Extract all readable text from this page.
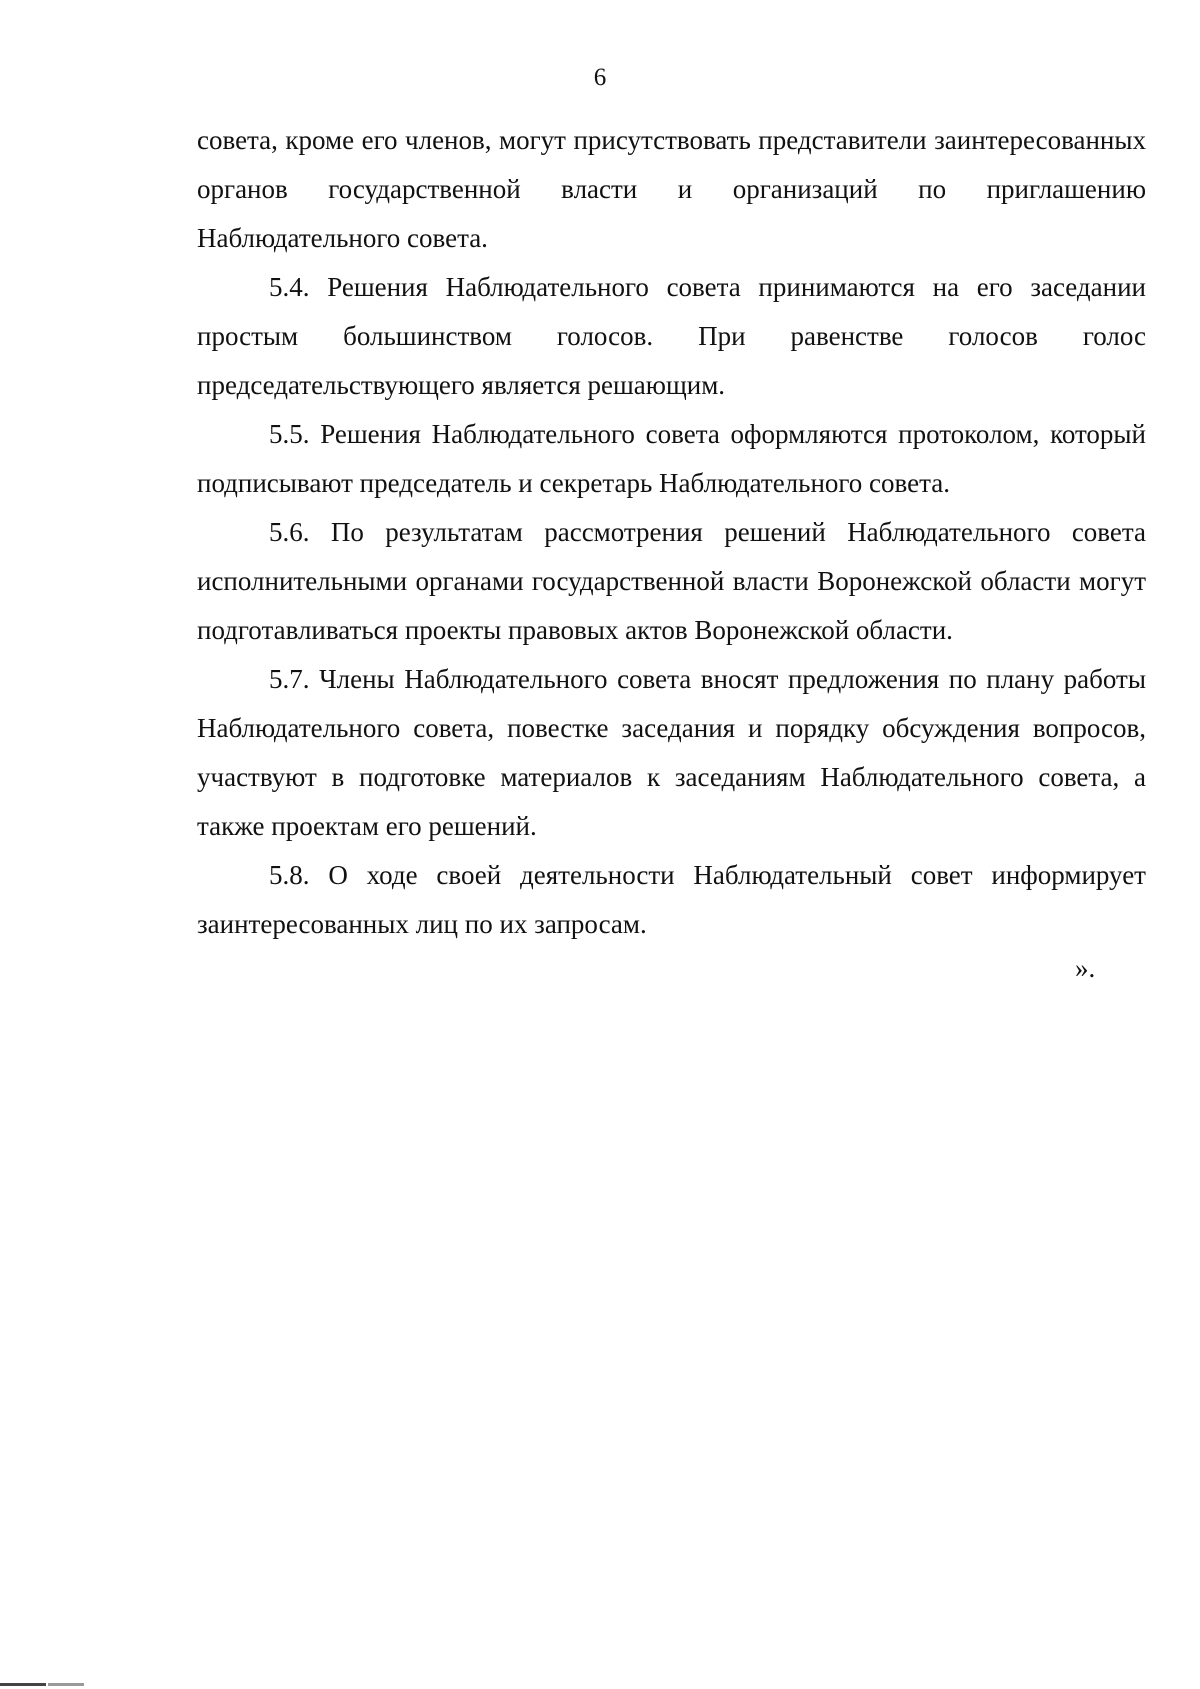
6

совета, кроме его членов, могут присутствовать представители заинтересованных органов государственной власти и организаций по приглашению Наблюдательного совета.

5.4. Решения Наблюдательного совета принимаются на его заседании простым большинством голосов. При равенстве голосов голос председательствующего является решающим.

5.5. Решения Наблюдательного совета оформляются протоколом, который подписывают председатель и секретарь Наблюдательного совета.

5.6. По результатам рассмотрения решений Наблюдательного совета исполнительными органами государственной власти Воронежской области могут подготавливаться проекты правовых актов Воронежской области.

5.7. Члены Наблюдательного совета вносят предложения по плану работы Наблюдательного совета, повестке заседания и порядку обсуждения вопросов, участвуют в подготовке материалов к заседаниям Наблюдательного совета, а также проектам его решений.

5.8. О ходе своей деятельности Наблюдательный совет информирует заинтересованных лиц по их запросам.

».
